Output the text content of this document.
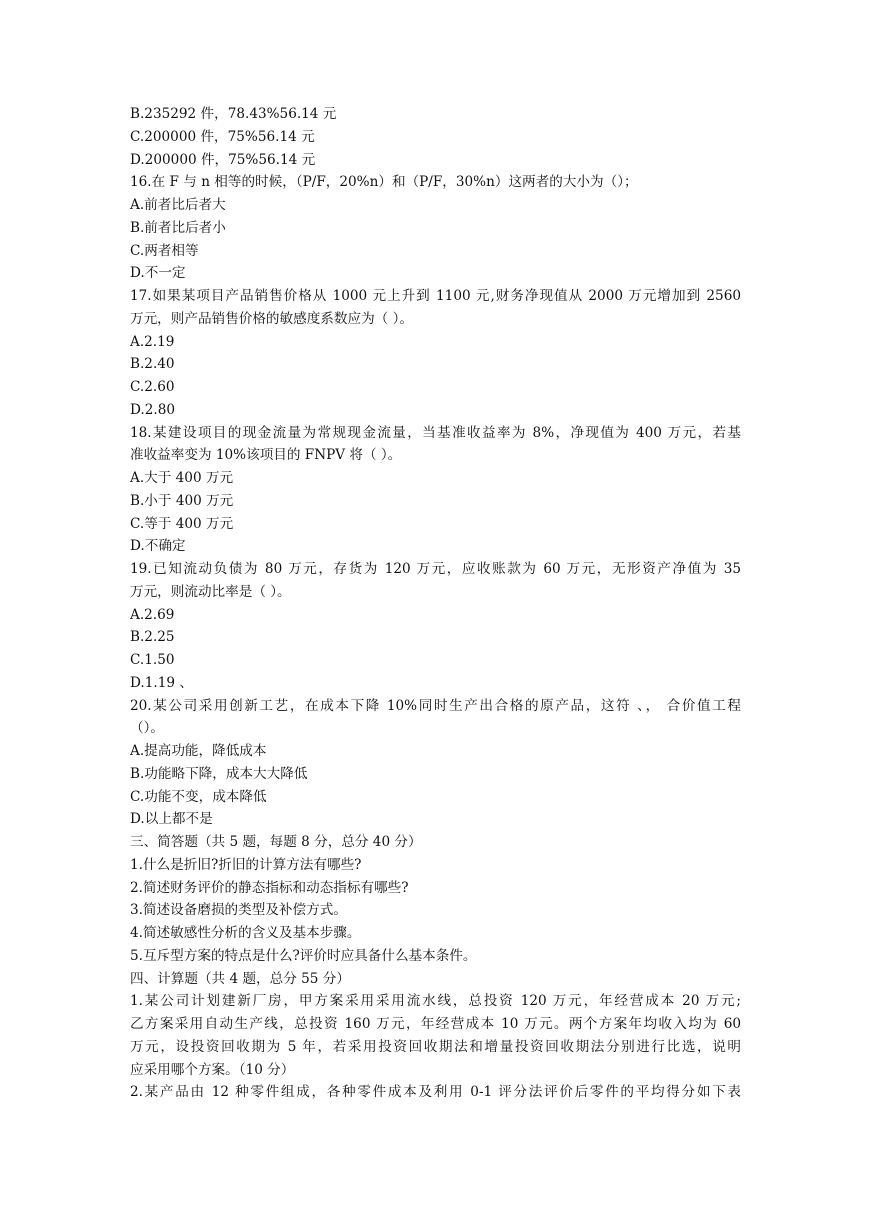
B.235292 件，78.43%56.14 元
C.200000 件，75%56.14 元
D.200000 件，75%56.14 元
16.在 F 与 n 相等的时候，（P/F，20%n）和（P/F，30%n）这两者的大小为（）；
A.前者比后者大
B.前者比后者小
C.两者相等
D.不一定
17.如果某项目产品销售价格从 1000 元上升到 1100 元,财务净现值从 2000 万元增加到 2560
万元，则产品销售价格的敏感度系数应为（ ）。
A.2.19
B.2.40
C.2.60
D.2.80
18.某建设项目的现金流量为常规现金流量，当基准收益率为 8%，净现值为 400 万元，若基
准收益率变为 10%该项目的 FNPV 将（ ）。
A.大于 400 万元
B.小于 400 万元
C.等于 400 万元
D.不确定
19.已知流动负债为 80 万元，存货为 120 万元，应收账款为 60 万元，无形资产净值为 35
万元，则流动比率是（ ）。
A.2.69
B.2.25
C.1.50
D.1.19 、
20.某公司采用创新工艺，在成本下降 10%同时生产出合格的原产品，这符 、， 合价值工程
（）。
A.提高功能，降低成本
B.功能略下降，成本大大降低
C.功能不变，成本降低
D.以上都不是
三、简答题（共 5 题，每题 8 分，总分 40 分）
1.什么是折旧?折旧的计算方法有哪些?
2.简述财务评价的静态指标和动态指标有哪些?
3.简述设备磨损的类型及补偿方式。
4.简述敏感性分析的含义及基本步骤。
5.互斥型方案的特点是什么?评价时应具备什么基本条件。
四、计算题（共 4 题，总分 55 分）
1.某公司计划建新厂房，甲方案采用采用流水线，总投资 120 万元，年经营成本 20 万元;
乙方案采用自动生产线，总投资 160 万元，年经营成本 10 万元。两个方案年均收入均为 60
万元，设投资回收期为 5 年，若采用投资回收期法和增量投资回收期法分别进行比选，说明
应采用哪个方案。（10 分）
2.某产品由 12 种零件组成，各种零件成本及利用 0-1 评分法评价后零件的平均得分如下表
